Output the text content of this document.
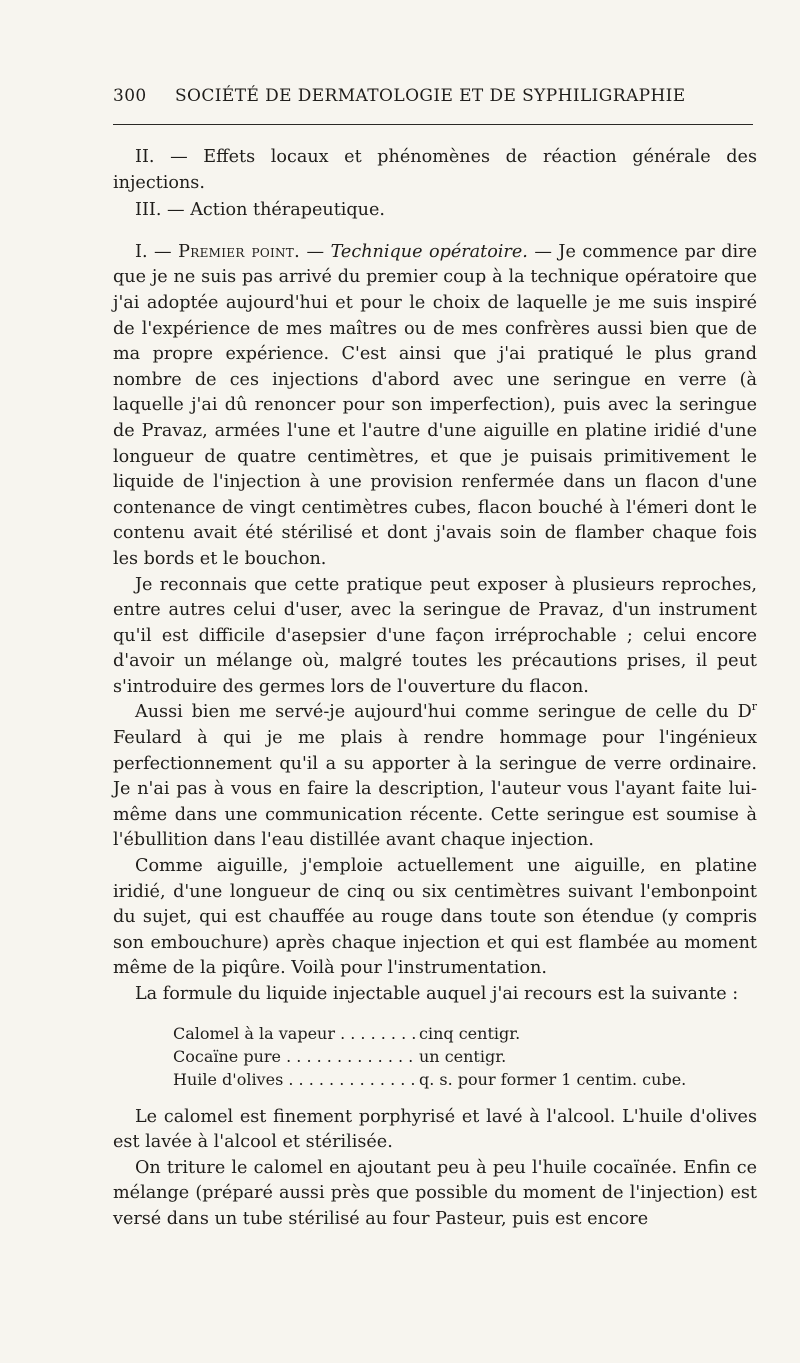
300	SOCIÉTÉ DE DERMATOLOGIE ET DE SYPHILIGRAPHIE

II. — Effets locaux et phénomènes de réaction générale des injections.

III. — Action thérapeutique.

I. — Premier point. — Technique opératoire. — Je commence par dire que je ne suis pas arrivé du premier coup à la technique opératoire que j'ai adoptée aujourd'hui et pour le choix de laquelle je me suis inspiré de l'expérience de mes maîtres ou de mes confrères aussi bien que de ma propre expérience. C'est ainsi que j'ai pratiqué le plus grand nombre de ces injections d'abord avec une seringue en verre (à laquelle j'ai dû renoncer pour son imperfection), puis avec la seringue de Pravaz, armées l'une et l'autre d'une aiguille en platine iridié d'une longueur de quatre centimètres, et que je puisais primitivement le liquide de l'injection à une provision renfermée dans un flacon d'une contenance de vingt centimètres cubes, flacon bouché à l'émeri dont le contenu avait été stérilisé et dont j'avais soin de flamber chaque fois les bords et le bouchon.

Je reconnais que cette pratique peut exposer à plusieurs reproches, entre autres celui d'user, avec la seringue de Pravaz, d'un instrument qu'il est difficile d'asepsier d'une façon irréprochable ; celui encore d'avoir un mélange où, malgré toutes les précautions prises, il peut s'introduire des germes lors de l'ouverture du flacon.

Aussi bien me servé-je aujourd'hui comme seringue de celle du $D^r$ Feulard à qui je me plais à rendre hommage pour l'ingénieux perfectionnement qu'il a su apporter à la seringue de verre ordinaire. Je n'ai pas à vous en faire la description, l'auteur vous l'ayant faite lui-même dans une communication récente. Cette seringue est soumise à l'ébullition dans l'eau distillée avant chaque injection.

Comme aiguille, j'emploie actuellement une aiguille, en platine iridié, d'une longueur de cinq ou six centimètres suivant l'embonpoint du sujet, qui est chauffée au rouge dans toute son étendue (y compris son embouchure) après chaque injection et qui est flambée au moment même de la piqûre. Voilà pour l'instrumentation.

La formule du liquide injectable auquel j'ai recours est la suivante :

Calomel à la vapeur . . .	cinq centigr.
Cocaïne pure . . .	un centigr.
Huile d'olives . . .	q. s. pour former 1 centim. cube.

Le calomel est finement porphyrisé et lavé à l'alcool. L'huile d'olives est lavée à l'alcool et stérilisée.

On triture le calomel en ajoutant peu à peu l'huile cocaïnée. Enfin ce mélange (préparé aussi près que possible du moment de l'injection) est versé dans un tube stérilisé au four Pasteur, puis est encore
